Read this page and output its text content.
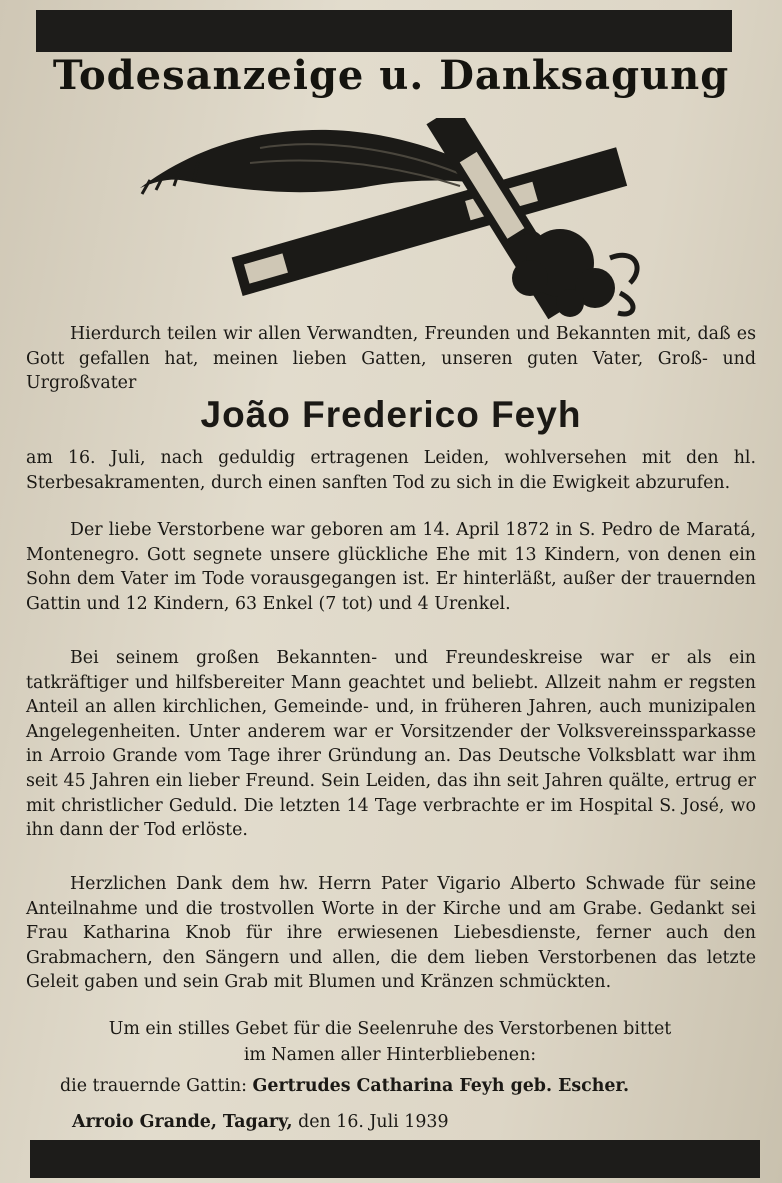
Todesanzeige u. Danksagung
Hierdurch teilen wir allen Verwandten, Freunden und Bekannten mit, daß es Gott gefallen hat, meinen lieben Gatten, unseren guten Vater, Groß- und Urgroßvater
João Frederico Feyh
am 16. Juli, nach geduldig ertragenen Leiden, wohlversehen mit den hl. Sterbesakramenten, durch einen sanften Tod zu sich in die Ewigkeit abzurufen.
Der liebe Verstorbene war geboren am 14. April 1872 in S. Pedro de Maratá, Montenegro. Gott segnete unsere glückliche Ehe mit 13 Kindern, von denen ein Sohn dem Vater im Tode vorausgegangen ist. Er hinterläßt, außer der trauernden Gattin und 12 Kindern, 63 Enkel (7 tot) und 4 Urenkel.
Bei seinem großen Bekannten- und Freundeskreise war er als ein tatkräftiger und hilfsbereiter Mann geachtet und beliebt. Allzeit nahm er regsten Anteil an allen kirchlichen, Gemeinde- und, in früheren Jahren, auch munizipalen Angelegenheiten. Unter anderem war er Vorsitzender der Volksvereinssparkasse in Arroio Grande vom Tage ihrer Gründung an. Das Deutsche Volksblatt war ihm seit 45 Jahren ein lieber Freund. Sein Leiden, das ihn seit Jahren quälte, ertrug er mit christlicher Geduld. Die letzten 14 Tage verbrachte er im Hospital S. José, wo ihn dann der Tod erlöste.
Herzlichen Dank dem hw. Herrn Pater Vigario Alberto Schwade für seine Anteilnahme und die trostvollen Worte in der Kirche und am Grabe. Gedankt sei Frau Katharina Knob für ihre erwiesenen Liebesdienste, ferner auch den Grabmachern, den Sängern und allen, die dem lieben Verstorbenen das letzte Geleit gaben und sein Grab mit Blumen und Kränzen schmückten.
Um ein stilles Gebet für die Seelenruhe des Verstorbenen bittet
im Namen aller Hinterbliebenen:
die trauernde Gattin: Gertrudes Catharina Feyh geb. Escher.
Arroio Grande, Tagary, den 16. Juli 1939
